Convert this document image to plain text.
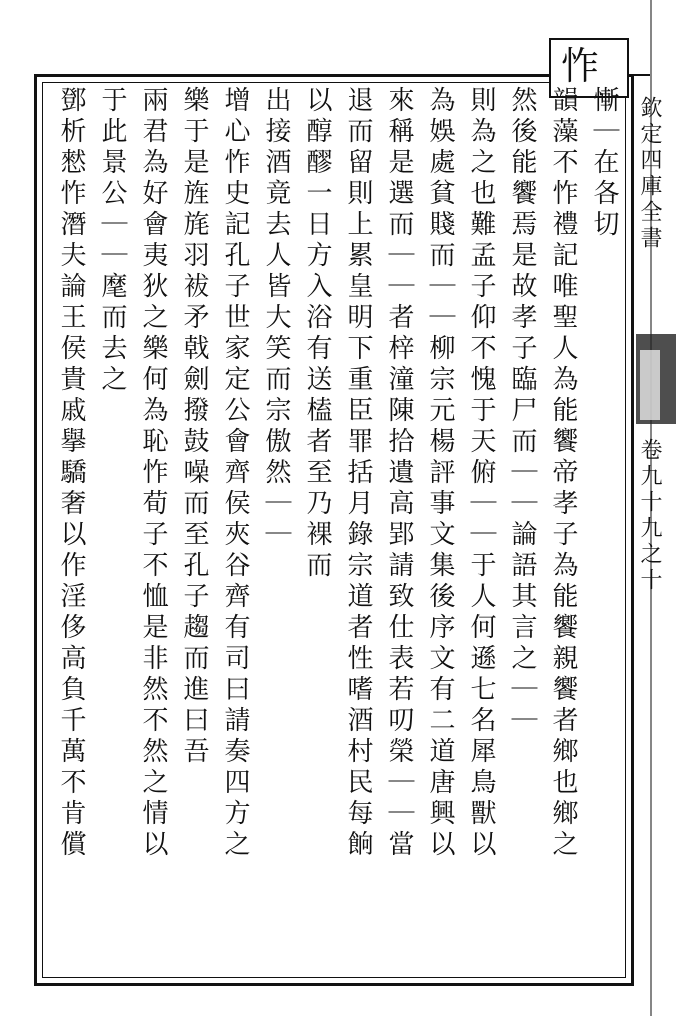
怍
欽定四庫全書
卷九十九之十
慚｜在各切
韻藻不怍禮記唯聖人為能饗帝孝子為能饗親饗者鄉也鄉之
然後能饗焉是故孝子臨尸而｜｜論語其言之｜｜
則為之也難孟子仰不愧于天俯｜｜于人何遜七名犀鳥獸以
為娛處貧賤而｜｜柳宗元楊評事文集後序文有二道唐興以
來稱是選而｜｜者梓潼陳拾遺高郢請致仕表若叨榮｜｜當
退而留則上累皇明下重臣罪括月錄宗道者性嗜酒村民每餉
以醇醪一日方入浴有送榼者至乃裸而
出接酒竟去人皆大笑而宗傲然｜｜
增心怍史記孔子世家定公會齊侯夾谷齊有司曰請奏四方之
樂于是旌旄羽袚矛戟劍撥鼓噪而至孔子趨而進曰吾
兩君為好會夷狄之樂何為恥怍荀子不恤是非然不然之情以
于此景公｜｜麾而去之
鄧析憖怍潛夫論王侯貴戚擧驕奢以作淫侈高負千萬不肯償
